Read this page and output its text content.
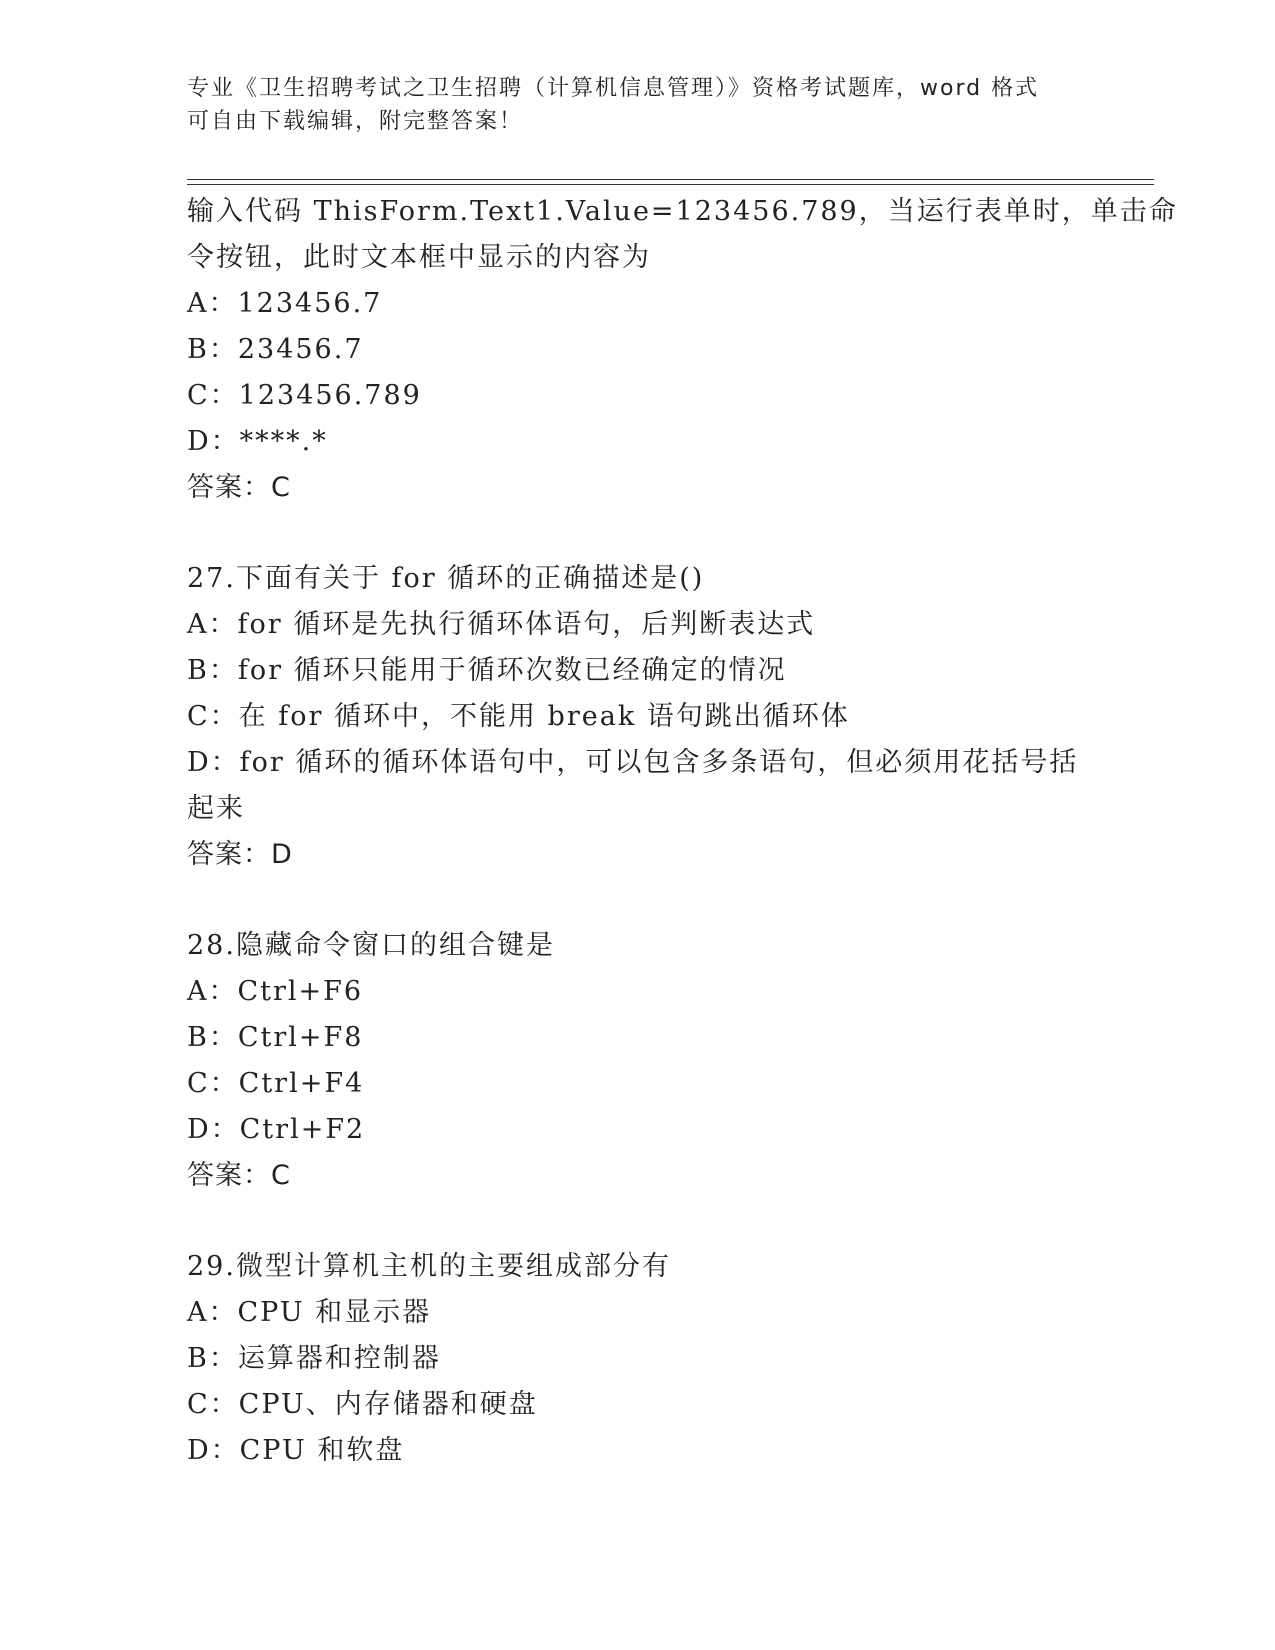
专业《卫生招聘考试之卫生招聘（计算机信息管理）》资格考试题库，word 格式
可自由下载编辑，附完整答案！
输入代码 ThisForm.Text1.Value=123456.789，当运行表单时，单击命
令按钮，此时文本框中显示的内容为
A：123456.7
B：23456.7
C：123456.789
D：****.*
答案：C
27.下面有关于 for 循环的正确描述是()
A：for 循环是先执行循环体语句，后判断表达式
B：for 循环只能用于循环次数已经确定的情况
C：在 for 循环中，不能用 break 语句跳出循环体
D：for 循环的循环体语句中，可以包含多条语句，但必须用花括号括
起来
答案：D
28.隐藏命令窗口的组合键是
A：Ctrl+F6
B：Ctrl+F8
C：Ctrl+F4
D：Ctrl+F2
答案：C
29.微型计算机主机的主要组成部分有
A：CPU 和显示器
B：运算器和控制器
C：CPU、内存储器和硬盘
D：CPU 和软盘
